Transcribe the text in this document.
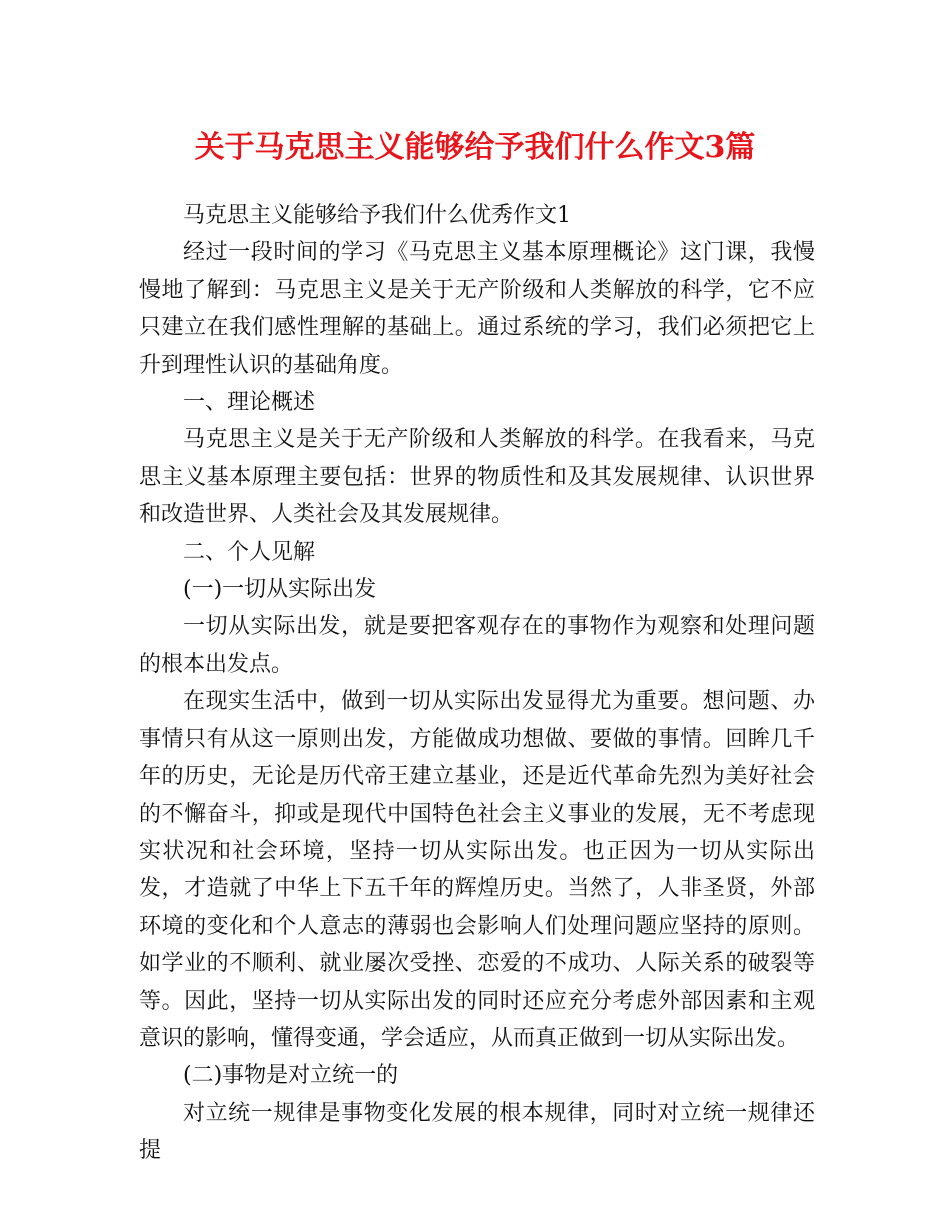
关于马克思主义能够给予我们什么作文3篇

马克思主义能够给予我们什么优秀作文1

经过一段时间的学习《马克思主义基本原理概论》这门课，我慢慢地了解到：马克思主义是关于无产阶级和人类解放的科学，它不应只建立在我们感性理解的基础上。通过系统的学习，我们必须把它上升到理性认识的基础角度。

一、理论概述

马克思主义是关于无产阶级和人类解放的科学。在我看来，马克思主义基本原理主要包括：世界的物质性和及其发展规律、认识世界和改造世界、人类社会及其发展规律。

二、个人见解

(一)一切从实际出发

一切从实际出发，就是要把客观存在的事物作为观察和处理问题的根本出发点。

在现实生活中，做到一切从实际出发显得尤为重要。想问题、办事情只有从这一原则出发，方能做成功想做、要做的事情。回眸几千年的历史，无论是历代帝王建立基业，还是近代革命先烈为美好社会的不懈奋斗，抑或是现代中国特色社会主义事业的发展，无不考虑现实状况和社会环境，坚持一切从实际出发。也正因为一切从实际出发，才造就了中华上下五千年的辉煌历史。当然了，人非圣贤，外部环境的变化和个人意志的薄弱也会影响人们处理问题应坚持的原则。如学业的不顺利、就业屡次受挫、恋爱的不成功、人际关系的破裂等等。因此，坚持一切从实际出发的同时还应充分考虑外部因素和主观意识的影响，懂得变通，学会适应，从而真正做到一切从实际出发。

(二)事物是对立统一的

对立统一规律是事物变化发展的根本规律，同时对立统一规律还提
